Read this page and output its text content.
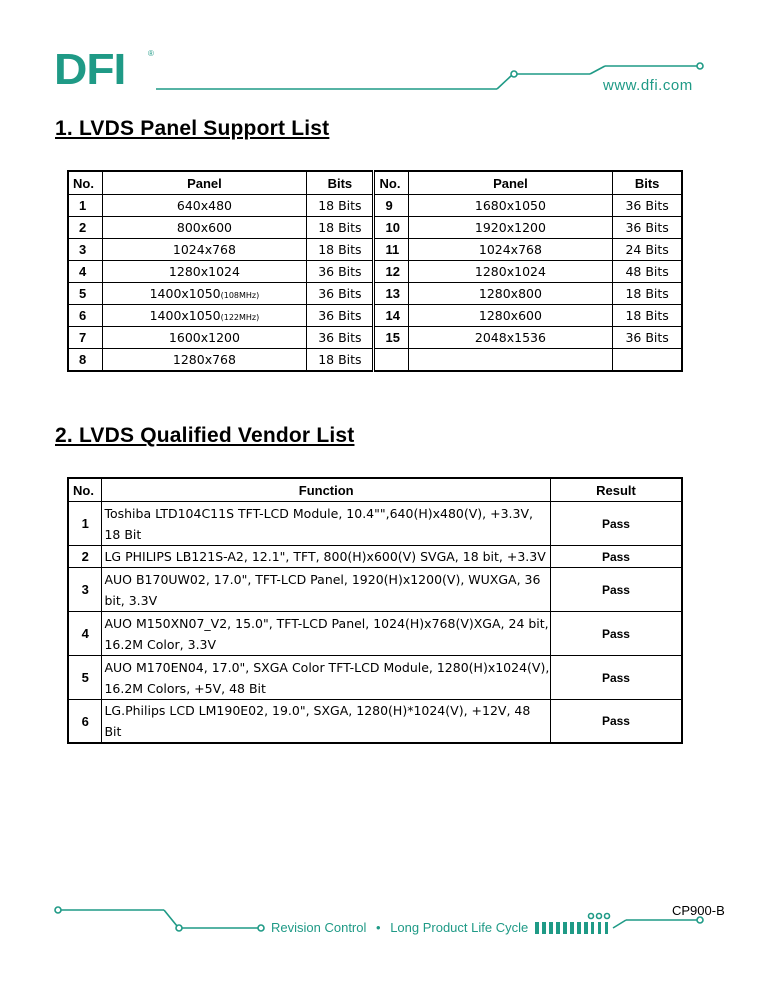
DFI	®
www.dfi.com
1. LVDS Panel Support List
No.	Panel	Bits	No.	Panel	Bits
1	640x480	18 Bits	9	1680x1050	36 Bits
2	800x600	18 Bits	10	1920x1200	36 Bits
3	1024x768	18 Bits	11	1024x768	24 Bits
4	1280x1024	36 Bits	12	1280x1024	48 Bits
5	1400x1050(108MHz)	36 Bits	13	1280x800	18 Bits
6	1400x1050(122MHz)	36 Bits	14	1280x600	18 Bits
7	1600x1200	36 Bits	15	2048x1536	36 Bits
8	1280x768	18 Bits			
2. LVDS Qualified Vendor List
No.	Function	Result
1	Toshiba LTD104C11S TFT-LCD Module, 10.4"",640(H)x480(V), +3.3V, 18 Bit	Pass
2	LG PHILIPS LB121S-A2, 12.1", TFT, 800(H)x600(V) SVGA, 18 bit, +3.3V	Pass
3	AUO B170UW02, 17.0", TFT-LCD Panel, 1920(H)x1200(V), WUXGA, 36 bit, 3.3V	Pass
4	AUO M150XN07_V2, 15.0", TFT-LCD Panel, 1024(H)x768(V)XGA, 24 bit, 16.2M Color, 3.3V	Pass
5	AUO M170EN04, 17.0", SXGA Color TFT-LCD Module, 1280(H)x1024(V), 16.2M Colors, +5V, 48 Bit	Pass
6	LG.Philips LCD LM190E02, 19.0", SXGA, 1280(H)*1024(V), +12V, 48 Bit	Pass
Revision Control • Long Product Life Cycle
CP900-B
